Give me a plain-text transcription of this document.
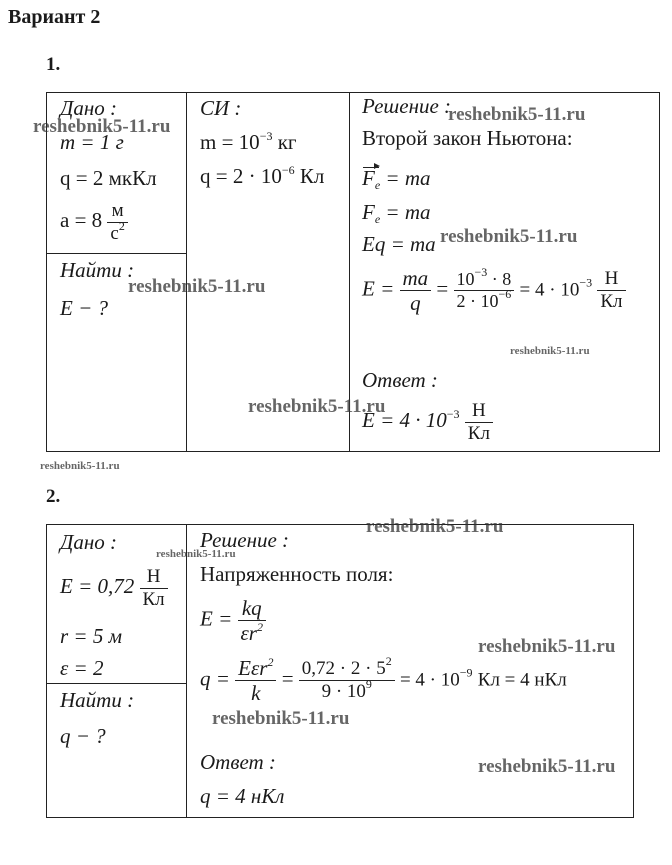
Вариант 2
1.
Дано :
m = 1 г
q = 2 мкКл
$a = 8 \frac{м}{с^2}$
Найти :
E − ?
СИ :
$m = 10^{-3}$ кг
$q = 2 \cdot 10^{-6}$ Кл
Решение :
Второй закон Ньютона:
$F_e$ = ma
$F_e$ = ma
Eq = ma
$E = \frac{ma}{q} = \frac{10^{-3} \cdot 8}{2 \cdot 10^{-6}} = 4 \cdot 10^{-3} \frac{Н}{Кл}$
Ответ :
$E = 4 \cdot 10^{-3} \frac{Н}{Кл}$
2.
Дано :
$E = 0,72 \frac{Н}{Кл}$
r = 5 м
ε = 2
Найти :
q − ?
Решение :
Напряженность поля:
$E = \frac{kq}{\varepsilon r^2}$
$q = \frac{E\varepsilon r^2}{k} = \frac{0,72 \cdot 2 \cdot 5^2}{9 \cdot 10^9} = 4 \cdot 10^{-9}$ Кл = 4 нКл
Ответ :
q = 4 нКл
reshebnik5-11.ru
reshebnik5-11.ru
reshebnik5-11.ru
reshebnik5-11.ru
reshebnik5-11.ru
reshebnik5-11.ru
reshebnik5-11.ru
reshebnik5-11.ru
reshebnik5-11.ru
reshebnik5-11.ru
reshebnik5-11.ru
reshebnik5-11.ru
